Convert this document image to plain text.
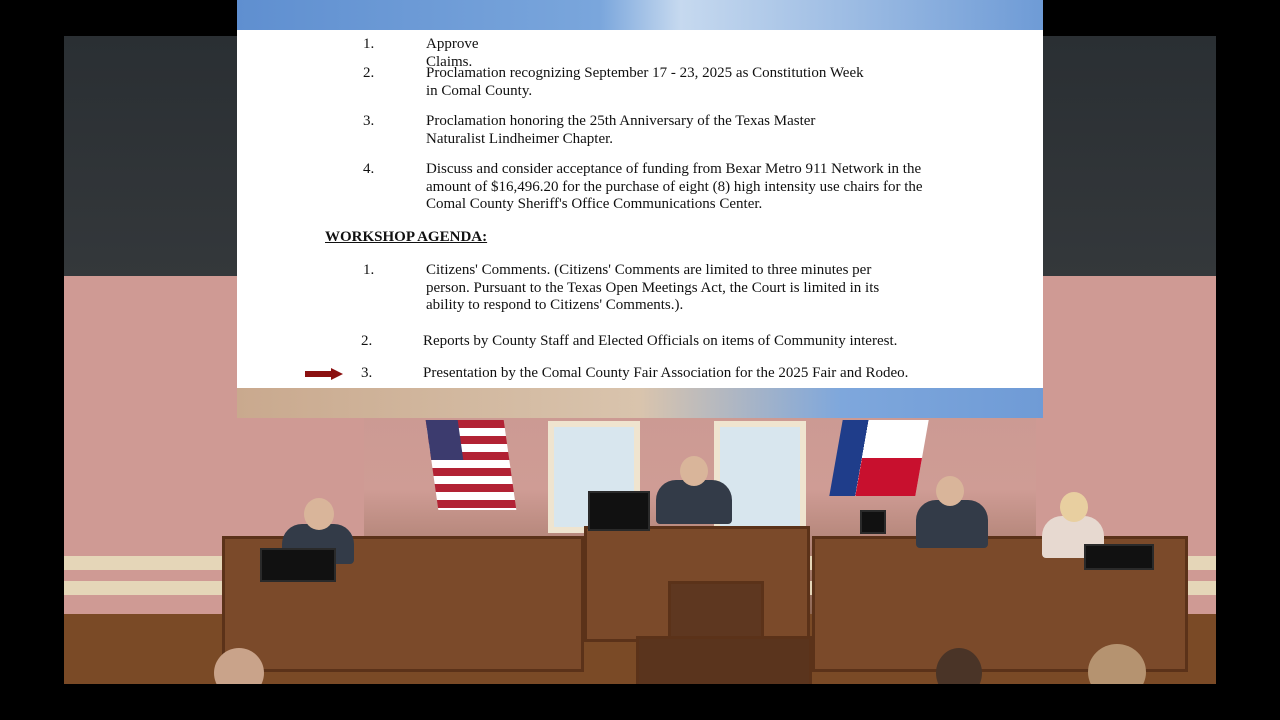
1.	Approve Claims.
2.	Proclamation recognizing September 17 - 23, 2025 as Constitution Week
in Comal County.
3.	Proclamation honoring the 25th Anniversary of the Texas Master
Naturalist Lindheimer Chapter.
4.	Discuss and consider acceptance of funding from Bexar Metro 911 Network in the
amount of $16,496.20 for the purchase of eight (8) high intensity use chairs for the
Comal County Sheriff's Office Communications Center.
WORKSHOP AGENDA:
1.	Citizens' Comments. (Citizens' Comments are limited to three minutes per
person. Pursuant to the Texas Open Meetings Act, the Court is limited in its
ability to respond to Citizens' Comments.).
2.	Reports by County Staff and Elected Officials on items of Community interest.
3.	Presentation by the Comal County Fair Association for the 2025 Fair and Rodeo.
